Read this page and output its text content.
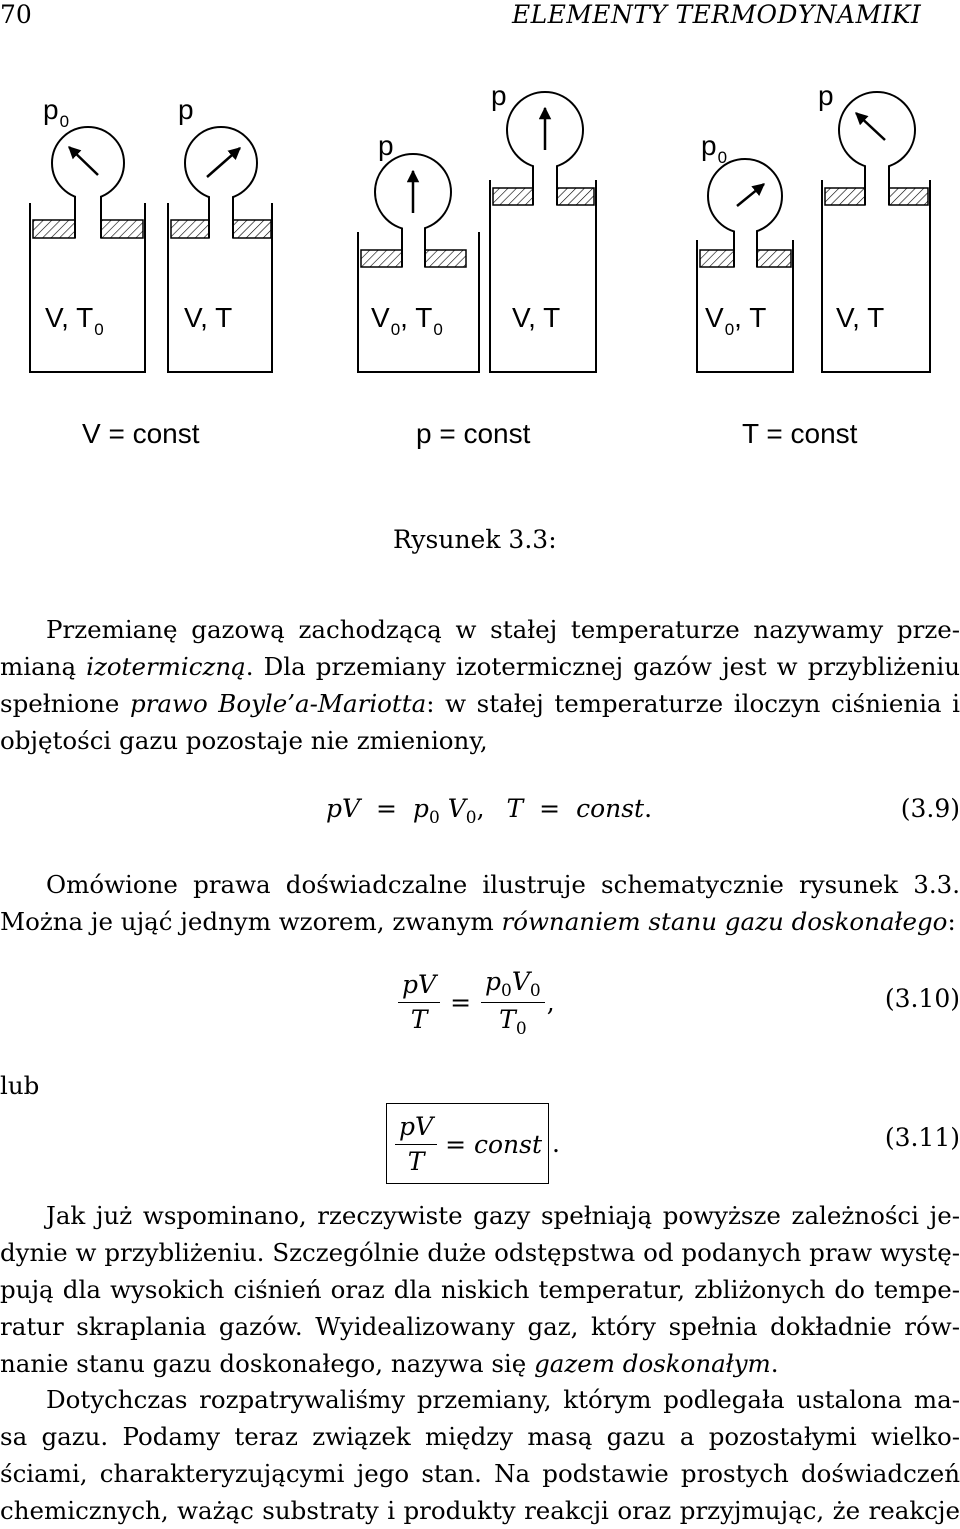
70	ELEMENTY TERMODYNAMIKI
$p_0$	p
p
p
$p_0$
p
V, $T_0$	V, T	$V_0$, $T_0$ V, T	$V_0$, T V, T
V = const	p = const	T = const
Rysunek 3.3:
Przemianę gazową zachodzącą w stałej temperaturze nazywamy prze-
mianą izotermiczną. Dla przemiany izotermicznej gazów jest w przybliżeniu
spełnione prawo Boyle’a-Mariotta: w stałej temperaturze iloczyn ciśnienia i
objętości gazu pozostaje nie zmieniony,
pV = $p_0$ $V_0$, T = const.	(3.9)
Omówione prawa doświadczalne ilustruje schematycznie rysunek 3.3.
Można je ująć jednym wzorem, zwanym równaniem stanu gazu doskonałego:
$\frac{pV}{T} = \frac{p_0V_0}{T_0}$ ,	(3.10)
lub
$\frac{pV}{T}$ = const .	(3.11)
Jak już wspominano, rzeczywiste gazy spełniają powyższe zależności je-
dynie w przybliżeniu. Szczególnie duże odstępstwa od podanych praw wystę-
pują dla wysokich ciśnień oraz dla niskich temperatur, zbliżonych do tempe-
ratur skraplania gazów. Wyidealizowany gaz, który spełnia dokładnie rów-
nanie stanu gazu doskonałego, nazywa się gazem doskonałym.
Dotychczas rozpatrywaliśmy przemiany, którym podlegała ustalona ma-
sa gazu. Podamy teraz związek między masą gazu a pozostałymi wielko-
ściami, charakteryzującymi jego stan. Na podstawie prostych doświadczeń
chemicznych, ważąc substraty i produkty reakcji oraz przyjmując, że reakcje
